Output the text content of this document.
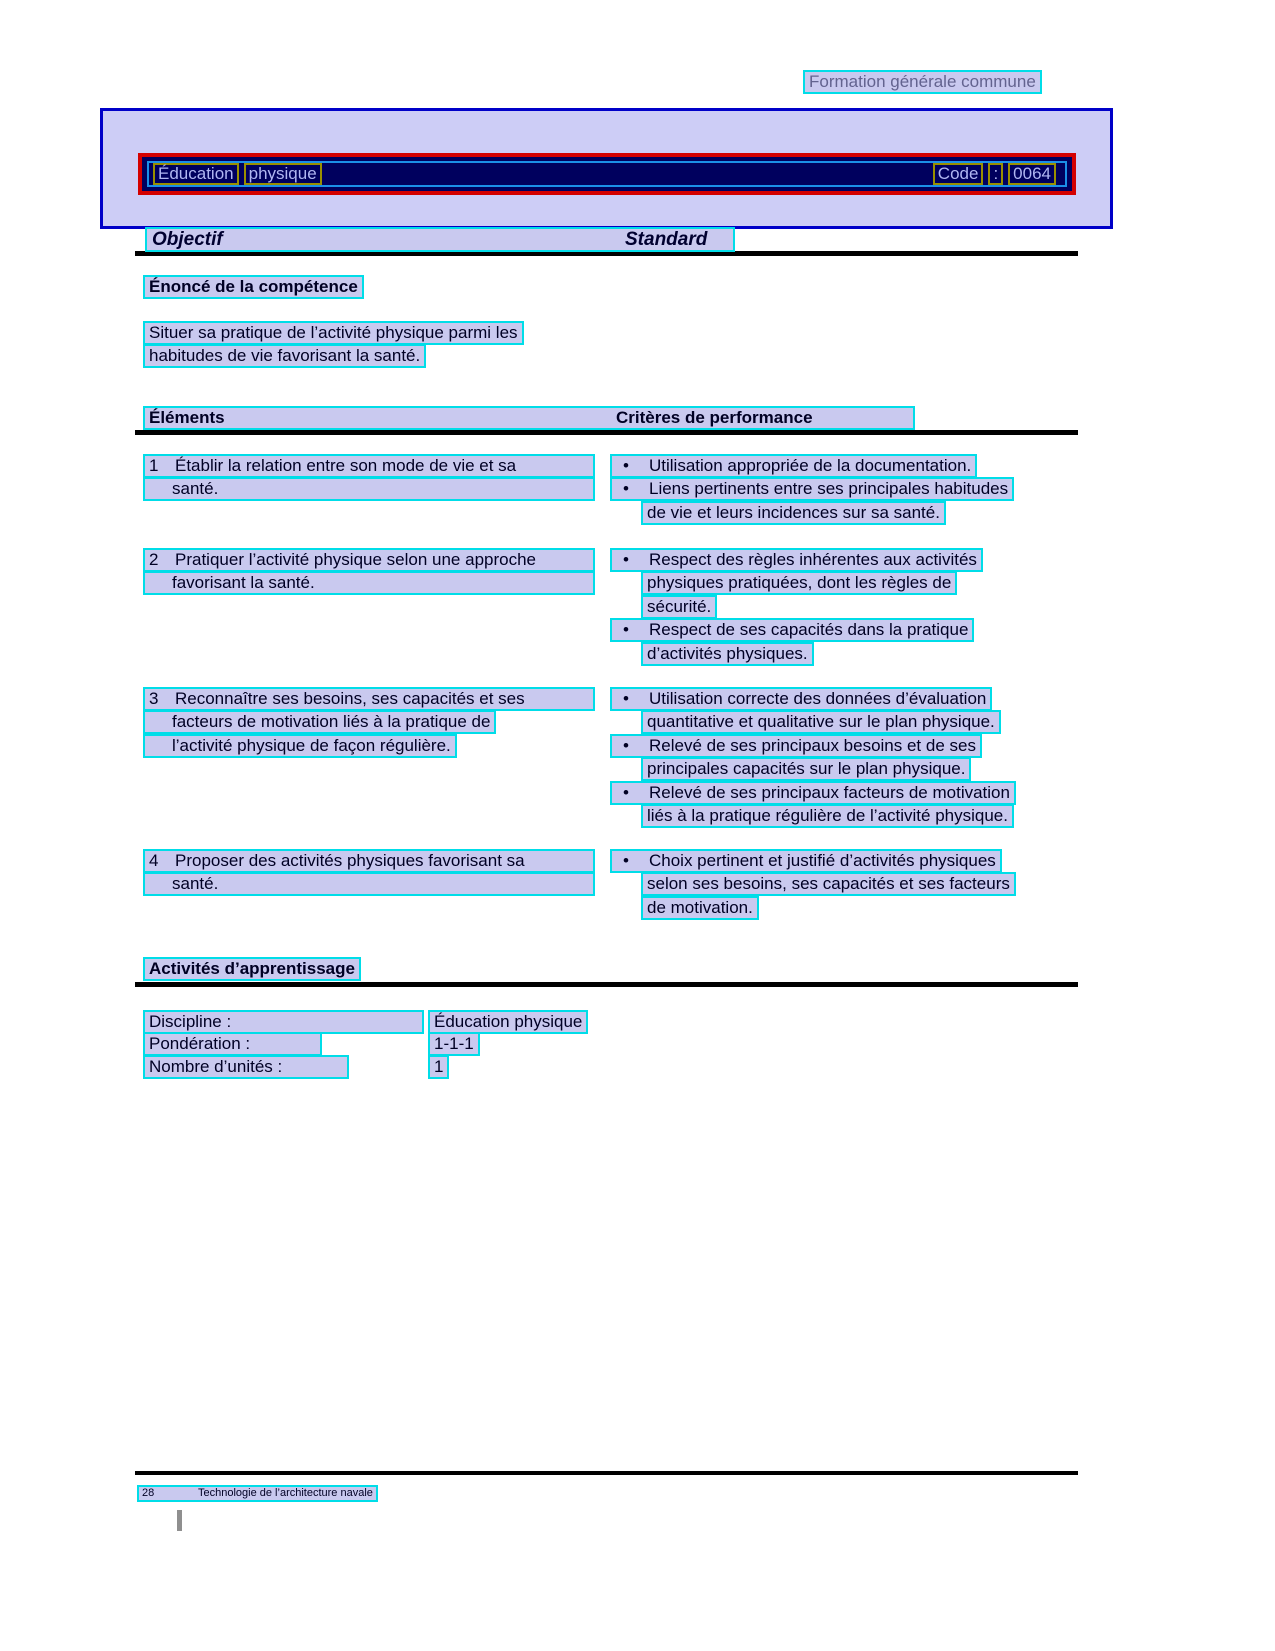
Formation générale commune
Éducation physique	Code : 0064
Objectif	Standard
Énoncé de la compétence
Situer sa pratique de l’activité physique parmi les
habitudes de vie favorisant la santé.
Éléments	Critères de performance
1 Établir la relation entre son mode de vie et sa
santé.
• Utilisation appropriée de la documentation.
• Liens pertinents entre ses principales habitudes
de vie et leurs incidences sur sa santé.
2 Pratiquer l’activité physique selon une approche
favorisant la santé.
• Respect des règles inhérentes aux activités
physiques pratiquées, dont les règles de
sécurité.
• Respect de ses capacités dans la pratique
d’activités physiques.
3 Reconnaître ses besoins, ses capacités et ses
facteurs de motivation liés à la pratique de
l’activité physique de façon régulière.
• Utilisation correcte des données d’évaluation
quantitative et qualitative sur le plan physique.
• Relevé de ses principaux besoins et de ses
principales capacités sur le plan physique.
• Relevé de ses principaux facteurs de motivation
liés à la pratique régulière de l’activité physique.
4 Proposer des activités physiques favorisant sa
santé.
• Choix pertinent et justifié d’activités physiques
selon ses besoins, ses capacités et ses facteurs
de motivation.
Activités d’apprentissage
Discipline :	Éducation physique
Pondération :	1-1-1
Nombre d’unités :	1
28	Technologie de l’architecture navale
